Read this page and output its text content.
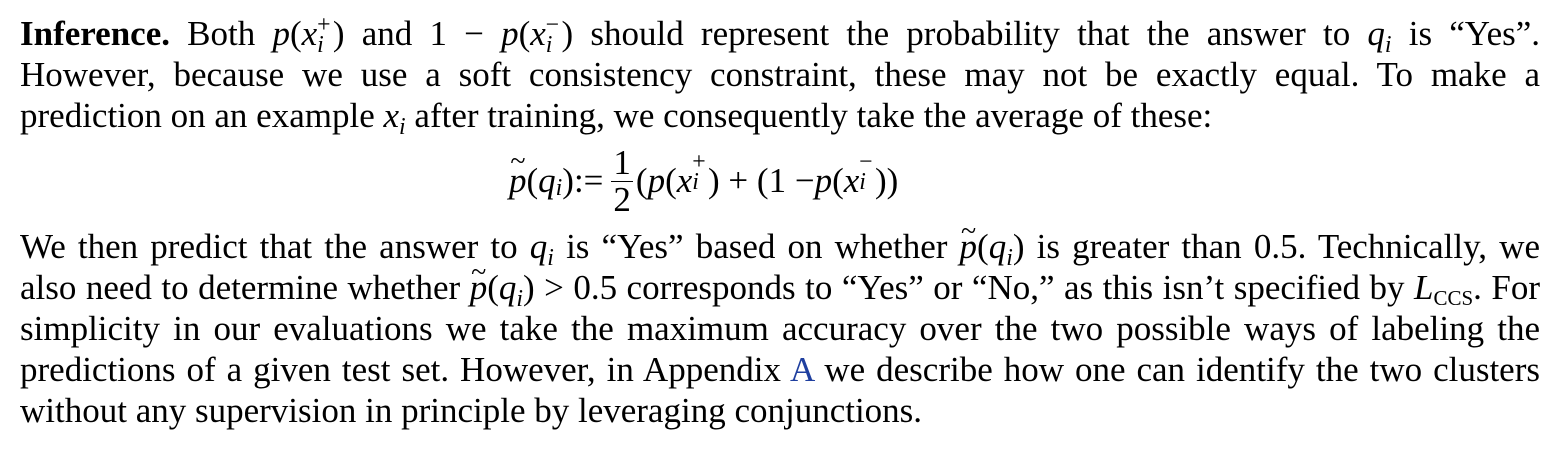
Inference. Both p(x +
i ) and 1 − p(x −
i ) should represent the probability that the answer to $q_i$ is “Yes”. However, because we use a soft consistency constraint, these may not be exactly equal. To make a prediction on an example $x_i$ after training, we consequently take the average of these:

~ p ( $q_i$ ) := $\frac{1}{2}$ ( p ( x +
i ) + (1 − p ( x −
i ))

We then predict that the answer to $q_i$ is “Yes” based on whether ~ $p(q_i)$ is greater than 0.5. Technically, we also need to determine whether ~ $p(q_i) > 0.5$ corresponds to “Yes” or “No,” as this isn’t specified by $L_{CCS}$. For simplicity in our evaluations we take the maximum accuracy over the two possible ways of labeling the predictions of a given test set. However, in Appendix A we describe how one can identify the two clusters without any supervision in principle by leveraging conjunctions.
